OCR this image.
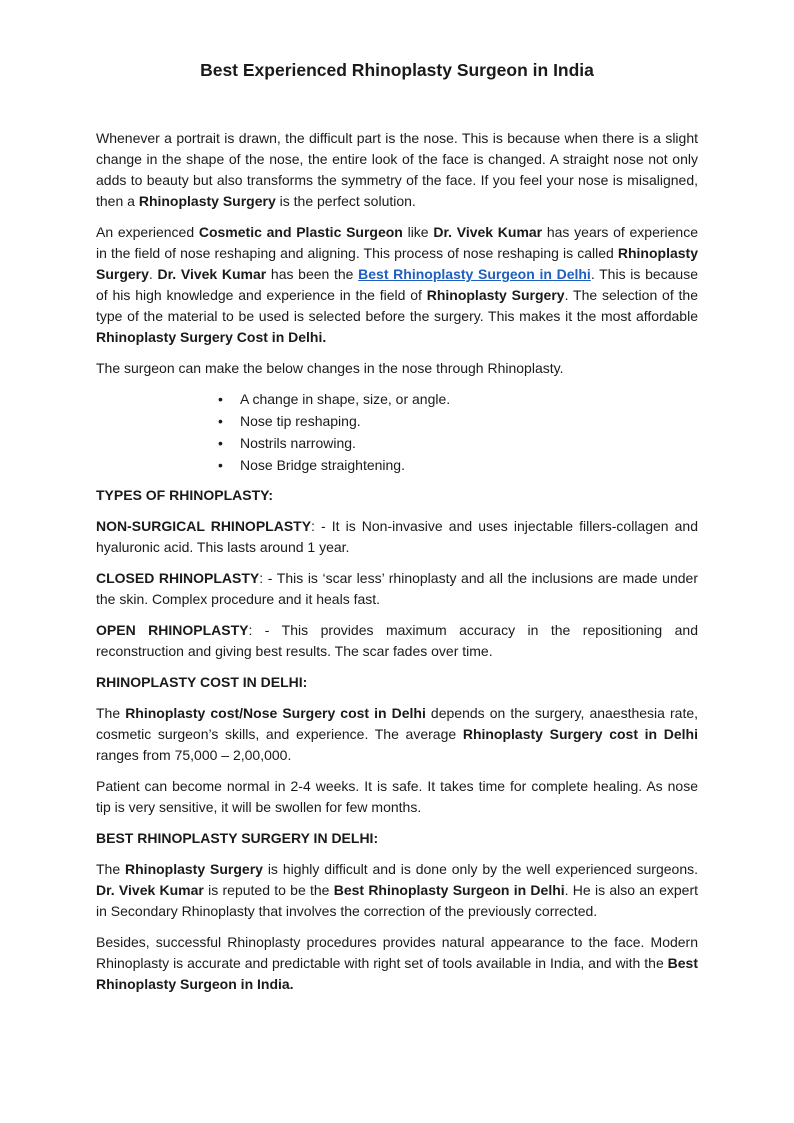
Best Experienced Rhinoplasty Surgeon in India

Whenever a portrait is drawn, the difficult part is the nose. This is because when there is a slight change in the shape of the nose, the entire look of the face is changed. A straight nose not only adds to beauty but also transforms the symmetry of the face. If you feel your nose is misaligned, then a Rhinoplasty Surgery is the perfect solution.

An experienced Cosmetic and Plastic Surgeon like Dr. Vivek Kumar has years of experience in the field of nose reshaping and aligning. This process of nose reshaping is called Rhinoplasty Surgery. Dr. Vivek Kumar has been the Best Rhinoplasty Surgeon in Delhi. This is because of his high knowledge and experience in the field of Rhinoplasty Surgery. The selection of the type of the material to be used is selected before the surgery. This makes it the most affordable Rhinoplasty Surgery Cost in Delhi.

The surgeon can make the below changes in the nose through Rhinoplasty.

• A change in shape, size, or angle.
• Nose tip reshaping.
• Nostrils narrowing.
• Nose Bridge straightening.

TYPES OF RHINOPLASTY:

NON-SURGICAL RHINOPLASTY: - It is Non-invasive and uses injectable fillers-collagen and hyaluronic acid. This lasts around 1 year.

CLOSED RHINOPLASTY: - This is ‘scar less’ rhinoplasty and all the inclusions are made under the skin. Complex procedure and it heals fast.

OPEN RHINOPLASTY: - This provides maximum accuracy in the repositioning and reconstruction and giving best results. The scar fades over time.

RHINOPLASTY COST IN DELHI:

The Rhinoplasty cost/Nose Surgery cost in Delhi depends on the surgery, anaesthesia rate, cosmetic surgeon’s skills, and experience. The average Rhinoplasty Surgery cost in Delhi ranges from 75,000 – 2,00,000.

Patient can become normal in 2-4 weeks. It is safe. It takes time for complete healing. As nose tip is very sensitive, it will be swollen for few months.

BEST RHINOPLASTY SURGERY IN DELHI:

The Rhinoplasty Surgery is highly difficult and is done only by the well experienced surgeons. Dr. Vivek Kumar is reputed to be the Best Rhinoplasty Surgeon in Delhi. He is also an expert in Secondary Rhinoplasty that involves the correction of the previously corrected.

Besides, successful Rhinoplasty procedures provides natural appearance to the face. Modern Rhinoplasty is accurate and predictable with right set of tools available in India, and with the Best Rhinoplasty Surgeon in India.
